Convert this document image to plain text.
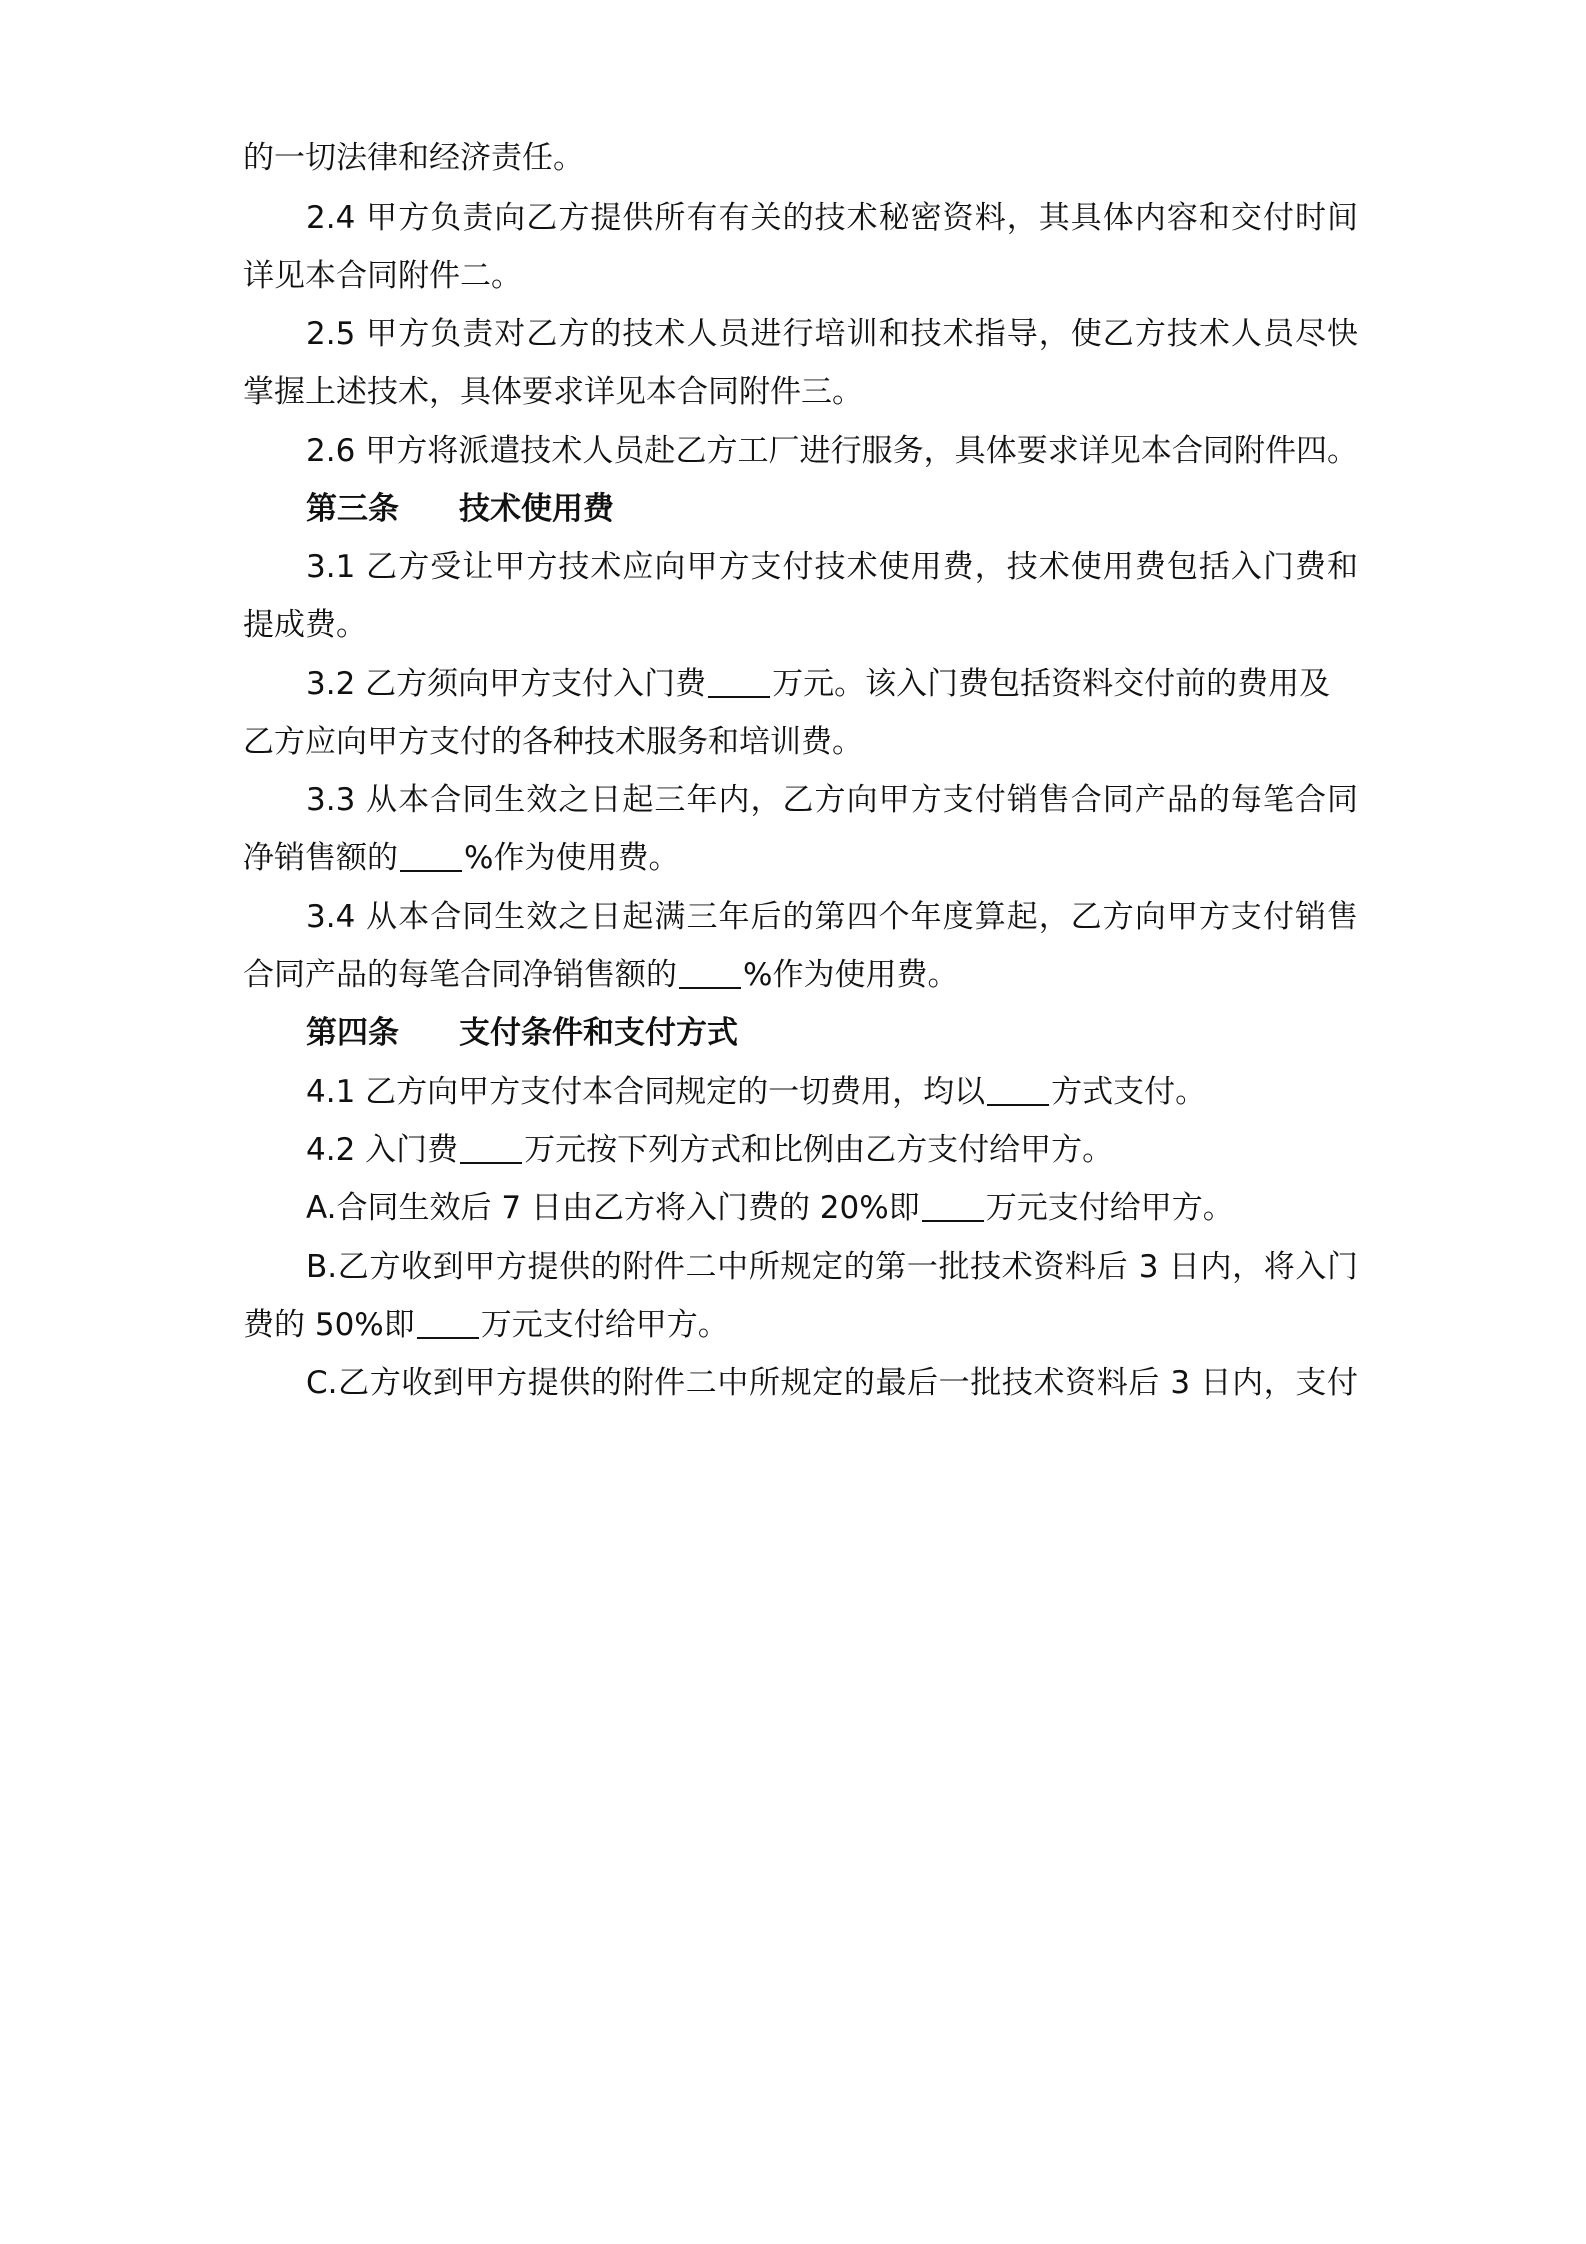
的一切法律和经济责任。
2.4 甲方负责向乙方提供所有有关的技术秘密资料，其具体内容和交付时间
详见本合同附件二。
2.5 甲方负责对乙方的技术人员进行培训和技术指导，使乙方技术人员尽快
掌握上述技术，具体要求详见本合同附件三。
2.6 甲方将派遣技术人员赴乙方工厂进行服务，具体要求详见本合同附件四。
第三条 技术使用费
3.1 乙方受让甲方技术应向甲方支付技术使用费，技术使用费包括入门费和
提成费。
3.2 乙方须向甲方支付入门费 万元。该入门费包括资料交付前的费用及
乙方应向甲方支付的各种技术服务和培训费。
3.3 从本合同生效之日起三年内，乙方向甲方支付销售合同产品的每笔合同
净销售额的 %作为使用费。
3.4 从本合同生效之日起满三年后的第四个年度算起，乙方向甲方支付销售
合同产品的每笔合同净销售额的 %作为使用费。
第四条 支付条件和支付方式
4.1 乙方向甲方支付本合同规定的一切费用，均以 方式支付。
4.2 入门费 万元按下列方式和比例由乙方支付给甲方。
A.合同生效后 7 日由乙方将入门费的 20%即 万元支付给甲方。
B.乙方收到甲方提供的附件二中所规定的第一批技术资料后 3 日内，将入门
费的 50%即 万元支付给甲方。
C.乙方收到甲方提供的附件二中所规定的最后一批技术资料后 3 日内，支付
